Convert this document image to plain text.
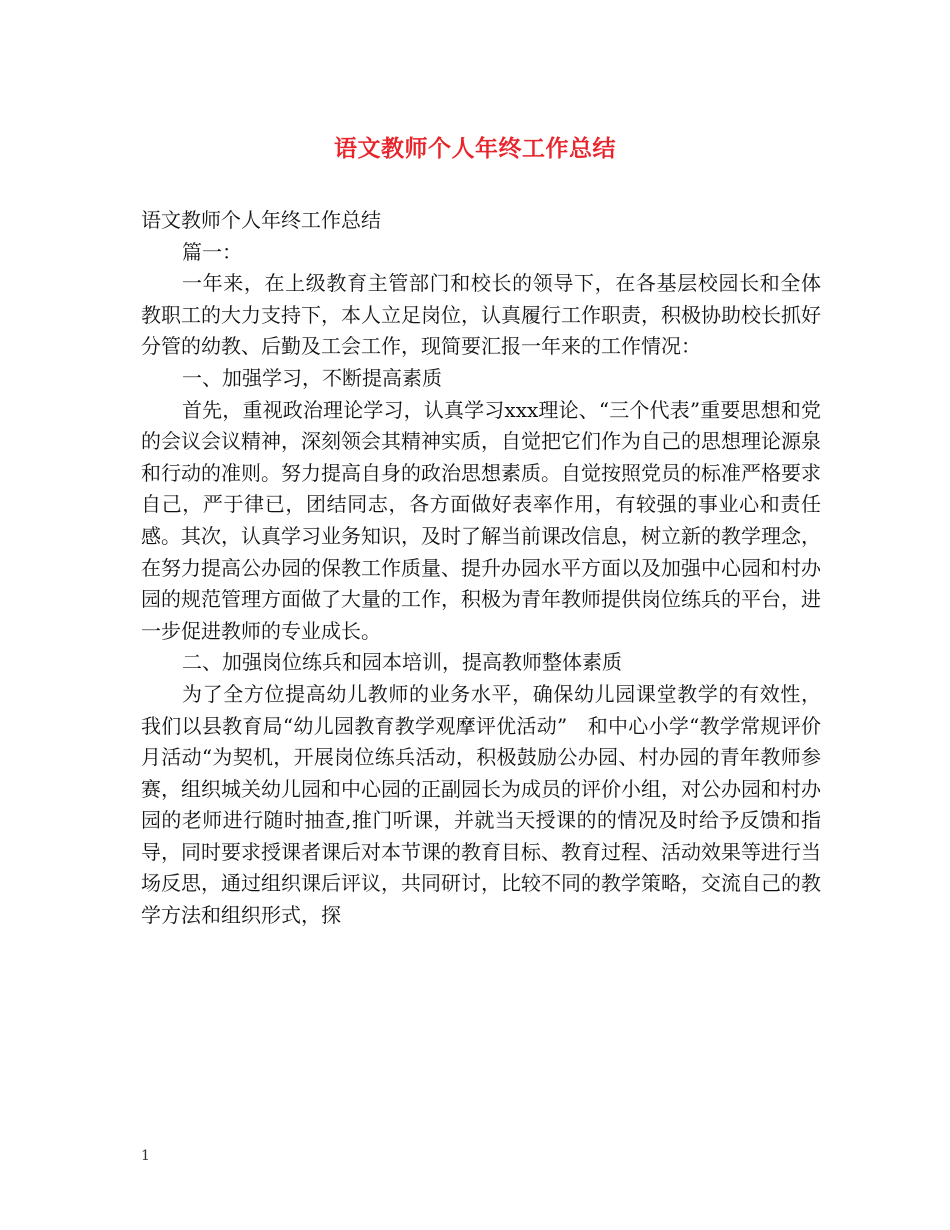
语文教师个人年终工作总结

语文教师个人年终工作总结

篇一：

一年来，在上级教育主管部门和校长的领导下，在各基层校园长和全体教职工的大力支持下，本人立足岗位，认真履行工作职责，积极协助校长抓好分管的幼教、后勤及工会工作，现简要汇报一年来的工作情况：

一、加强学习，不断提高素质

首先，重视政治理论学习，认真学习xxx理论、“三个代表”重要思想和党的会议会议精神，深刻领会其精神实质，自觉把它们作为自己的思想理论源泉和行动的准则。努力提高自身的政治思想素质。自觉按照党员的标准严格要求自己，严于律已，团结同志，各方面做好表率作用，有较强的事业心和责任感。其次，认真学习业务知识，及时了解当前课改信息，树立新的教学理念，在努力提高公办园的保教工作质量、提升办园水平方面以及加强中心园和村办园的规范管理方面做了大量的工作，积极为青年教师提供岗位练兵的平台，进一步促进教师的专业成长。

二、加强岗位练兵和园本培训，提高教师整体素质

为了全方位提高幼儿教师的业务水平，确保幼儿园课堂教学的有效性，我们以县教育局“幼儿园教育教学观摩评优活动”　和中心小学“教学常规评价月活动“为契机，开展岗位练兵活动，积极鼓励公办园、村办园的青年教师参赛，组织城关幼儿园和中心园的正副园长为成员的评价小组，对公办园和村办园的老师进行随时抽查,推门听课，并就当天授课的的情况及时给予反馈和指导，同时要求授课者课后对本节课的教育目标、教育过程、活动效果等进行当场反思，通过组织课后评议，共同研讨，比较不同的教学策略，交流自己的教学方法和组织形式，探

1
